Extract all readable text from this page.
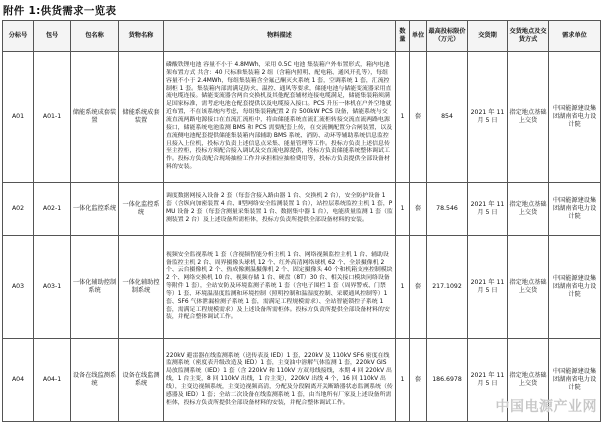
附件 1:供货需求一览表
分标号	包号	包名称	货物名称	物料描述	数量	单位	最高投标限价（万元）	交货期	交货地点及交货方式	需求单位
A01	A01-1	储能系统成套装置	储能系统成套装置	磷酸铁锂电池 容量不小于 4.8MWh，采用 0.5C 电池 集装箱户外布置形式，箱内电池架布置方式 共含：40 尺标准集装箱 2 组（含箱内照明、配电箱、通风开孔等），每组容量不小于 2.4MWh，每组集装箱含全氟己酮灭火系统 1 套，空调系统 1 套，汇流控制柜 1 套。集装箱内部需满足防火、温控、通风等要求，储能电池与储能变流器采用直流电缆连接。储能变流器含两台交换机及其他配套辅材连接电缆满足，储能集装箱须满足国家标准，需考虑电池仓配套提供以及电缆接入接口。PCS 升压一体机在户外空地就近布置，不在该系统内考虑，每组集装箱配置 2 台 500kW PCS 设备，储能系统与交流直流两路电源接口在直流汇流柜中，将由储能系统直流汇流柜转接交流直流两路电源接口，储能系统电池监测 BMS 和 PCS 需要配套上传，在交流侧配置分合闸装置，以及直流侧电池配套提供储能集装箱内部辅助 BMS 系统、消防、动环等辅助系统信息监控且接入上位机，投标方负责上述信息点采集、能量管理等工作。投标方负责上述信息传至主控柜，投标方须配合接入调试及交直流电源提供，投标方负责储能系统整体调试工作。投标方负责配合现场抽检工作并承担相应抽检费用等，投标方负责提供全部设备材料的安装。	1	套	854	2021 年 11 月 5 日	指定地点基础上交货	中国能源建设集团湖南省电力设计院
A02	A02-1	一体化监控系统	一体化监控系统	调度数据网接入设备 2 套（每套含接入路由器 1 台、交换机 2 台），安全防护设备 1 套（含纵向加密装置 4 台、Ⅱ型网络安全监测装置 1 台），站控层系统监控主机 1 套，PMU 设备 2 套（每套含测量采集装置 1 台、数据集中器 1 台），电能质量监测 1 套（监测装置 2 台）及上述设备所需柜体，投标方负责所提供全部设备材料的安装。	1	套	78.546	2021 年 11 月 5 日	指定地点基础上交货	中国能源建设集团湖南省电力设计院
A03	A03-1	一体化辅助控制系统	一体化辅助控制系统	视频安全监视系统 1 套（含视频智能分析主机 1 台、网络视频监控主机 1 台、辅助设备监控主机 2 台、周界摄像头球机 12 个、红外高清网络球机 62 个、全景摄像机 2 个、云台摄像机 2 个、热成像测温摄像机 2 个、固定摄像头 40 个和机箱支座控制模块 2 个、网络交换机 10 台、视频存储 1 台、硬盘（8T）30 台、相关接口模块同络设备等附件 1 套），全站安防及环境监测子系统 1 套（含电子围栏 1 套（周界警戒、门禁等）1 套、环境温湿度监测和环境控制（照明控制和温湿度控制、采暖通风控制等）1 套、SF6 气体泄漏检测子系统 1 套，需满足工程规模需求）、全站智能锁控子系统 1 套，需满足工程规模需求）及上述设备所需柜体。投标方负责所提供全部设备材料的安装，并配合整体调试工作。	1	套	217.1092	2021 年 11 月 5 日	指定地点基础上交货	中国能源建设集团湖南省电力设计院
A04	A04-1	设备在线监测系统	设备在线监测系统	220kV 避雷器在线监测系统（送传表及 IED）1 套，220kV 及 110kV SF6 密度在线监测系统（密度表升级改造及 IED）1 套，主变油中溶解气体监测 1 套，220kV GIS 局放监测系统（IED）1 套（含 220kV 和 110kV 方双母线接线，本期 4 回 220kV 出线，1 台主变，8 回 110kV 出线，1 台主变），220kV 出线 4 个，16 回 110kV 出线），主变边视频系统，主变边视频高清，分配及分段隔离开关断路器状态监测系统（传感器及 IED）1 套；全站二次设备在线监测系统 1 套，由当地所有厂家及上述设备所需柜体，投标方负责所提供全部设备材料的安装，并配合整体调试工作。	1	套	186.6978	2021 年 11 月 5 日	指定地点基础上交货	中国能源建设集团湖南省电力设计院
中国电源产业网
